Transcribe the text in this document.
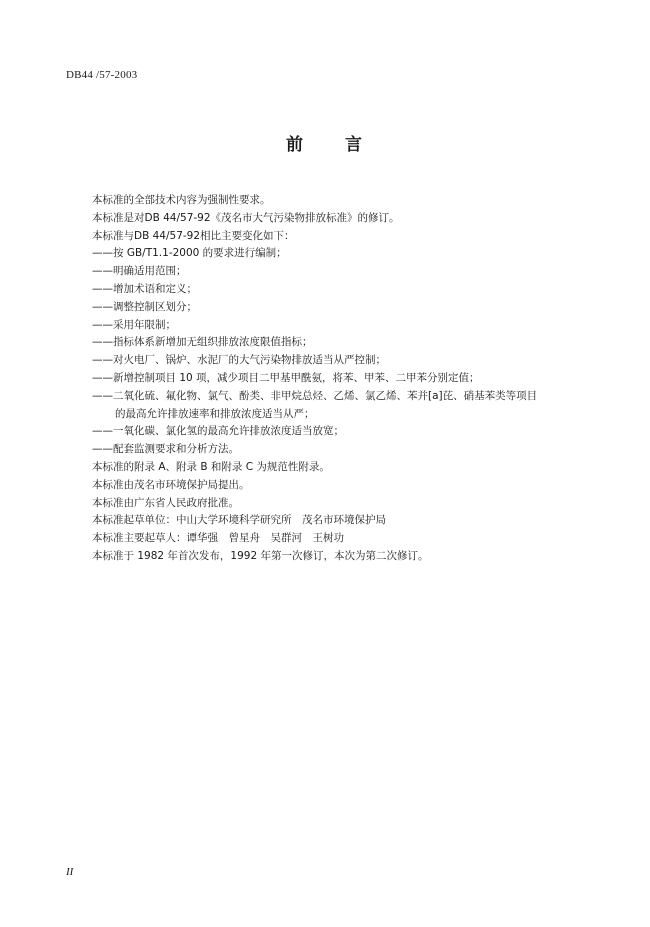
DB44 /57-2003
前 言

本标准的全部技术内容为强制性要求。

本标准是对DB 44/57-92《茂名市大气污染物排放标准》的修订。

本标准与DB 44/57-92相比主要变化如下：

——按 GB/T1.1-2000 的要求进行编制；

——明确适用范围；

——增加术语和定义；

——调整控制区划分；

——采用年限制；

——指标体系新增加无组织排放浓度限值指标；

——对火电厂、锅炉、水泥厂的大气污染物排放适当从严控制；

——新增控制项目 10 项，减少项目二甲基甲酰氨，将苯、甲苯、二甲苯分别定值；

——二氧化硫、氟化物、氯气、酚类、非甲烷总烃、乙烯、氯乙烯、苯并[a]芘、硝基苯类等项目

的最高允许排放速率和排放浓度适当从严；

——一氧化碳、氯化氢的最高允许排放浓度适当放宽；

——配套监测要求和分析方法。

本标准的附录 A、附录 B 和附录 C 为规范性附录。

本标准由茂名市环境保护局提出。

本标准由广东省人民政府批准。

本标准起草单位：中山大学环境科学研究所　茂名市环境保护局

本标准主要起草人：谭华强　曾星舟　吴群河　王树功

本标准于 1982 年首次发布，1992 年第一次修订，本次为第二次修订。

II
